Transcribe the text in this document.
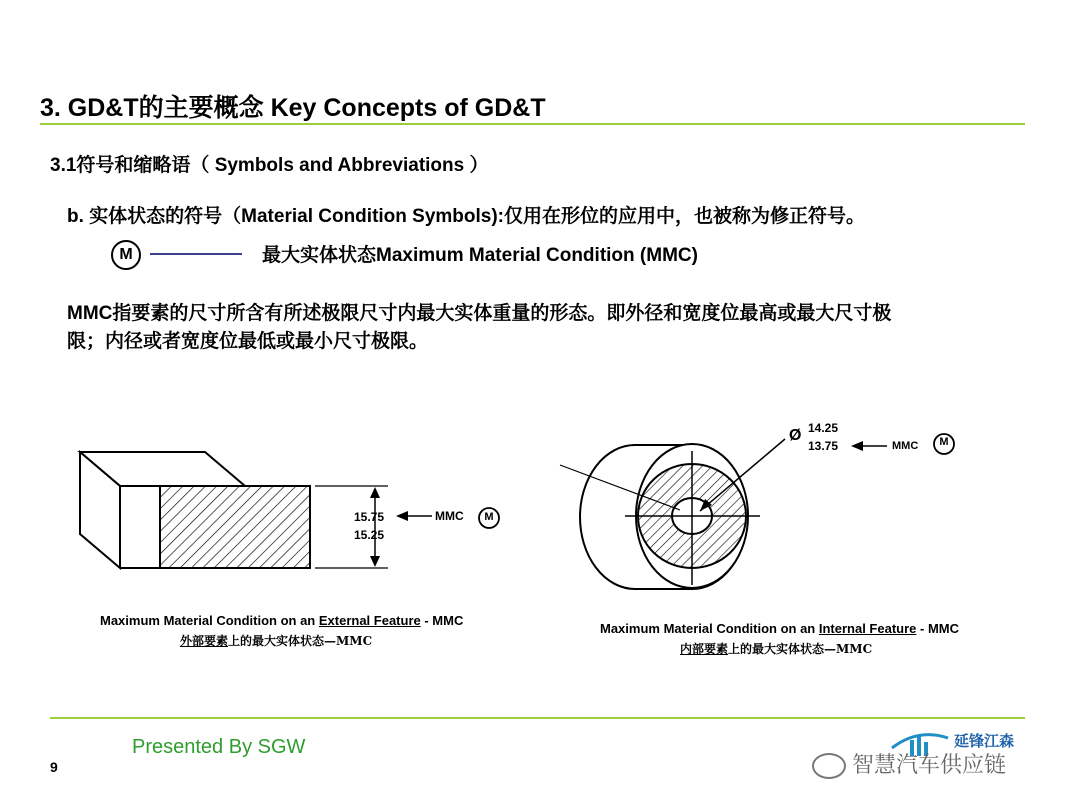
3. GD&T的主要概念 Key Concepts of GD&T
3.1符号和缩略语（ Symbols and Abbreviations ）
b. 实体状态的符号（Material Condition Symbols):仅用在形位的应用中，也被称为修正符号。
M	最大实体状态Maximum Material Condition (MMC)
MMC指要素的尺寸所含有所述极限尺寸内最大实体重量的形态。即外径和宽度位最高或最大尺寸极限；内径或者宽度位最低或最小尺寸极限。
15.75
15.25
MMC M
Maximum Material Condition on an External Feature - MMC
外部要素上的最大实体状态—MMC
Ø 14.25
13.75	MMC M
Maximum Material Condition on an Internal Feature - MMC
内部要素上的最大实体状态—MMC
Presented By SGW
9
延锋江森
智慧汽车供应链
